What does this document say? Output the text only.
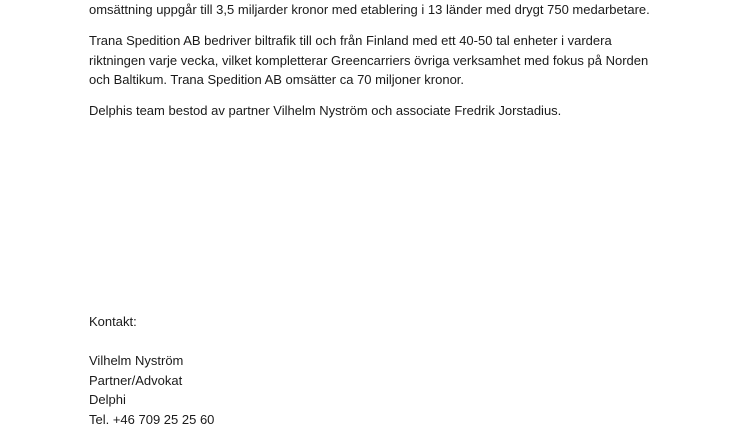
omsättning uppgår till 3,5 miljarder kronor med etablering i 13 länder med drygt 750 medarbetare.

Trana Spedition AB bedriver biltrafik till och från Finland med ett 40-50 tal enheter i vardera
riktningen varje vecka, vilket kompletterar Greencarriers övriga verksamhet med fokus på Norden
och Baltikum. Trana Spedition AB omsätter ca 70 miljoner kronor.

Delphis team bestod av partner Vilhelm Nyström och associate Fredrik Jorstadius.

Kontakt:

Vilhelm Nyström
Partner/Advokat
Delphi
Tel. +46 709 25 25 60
